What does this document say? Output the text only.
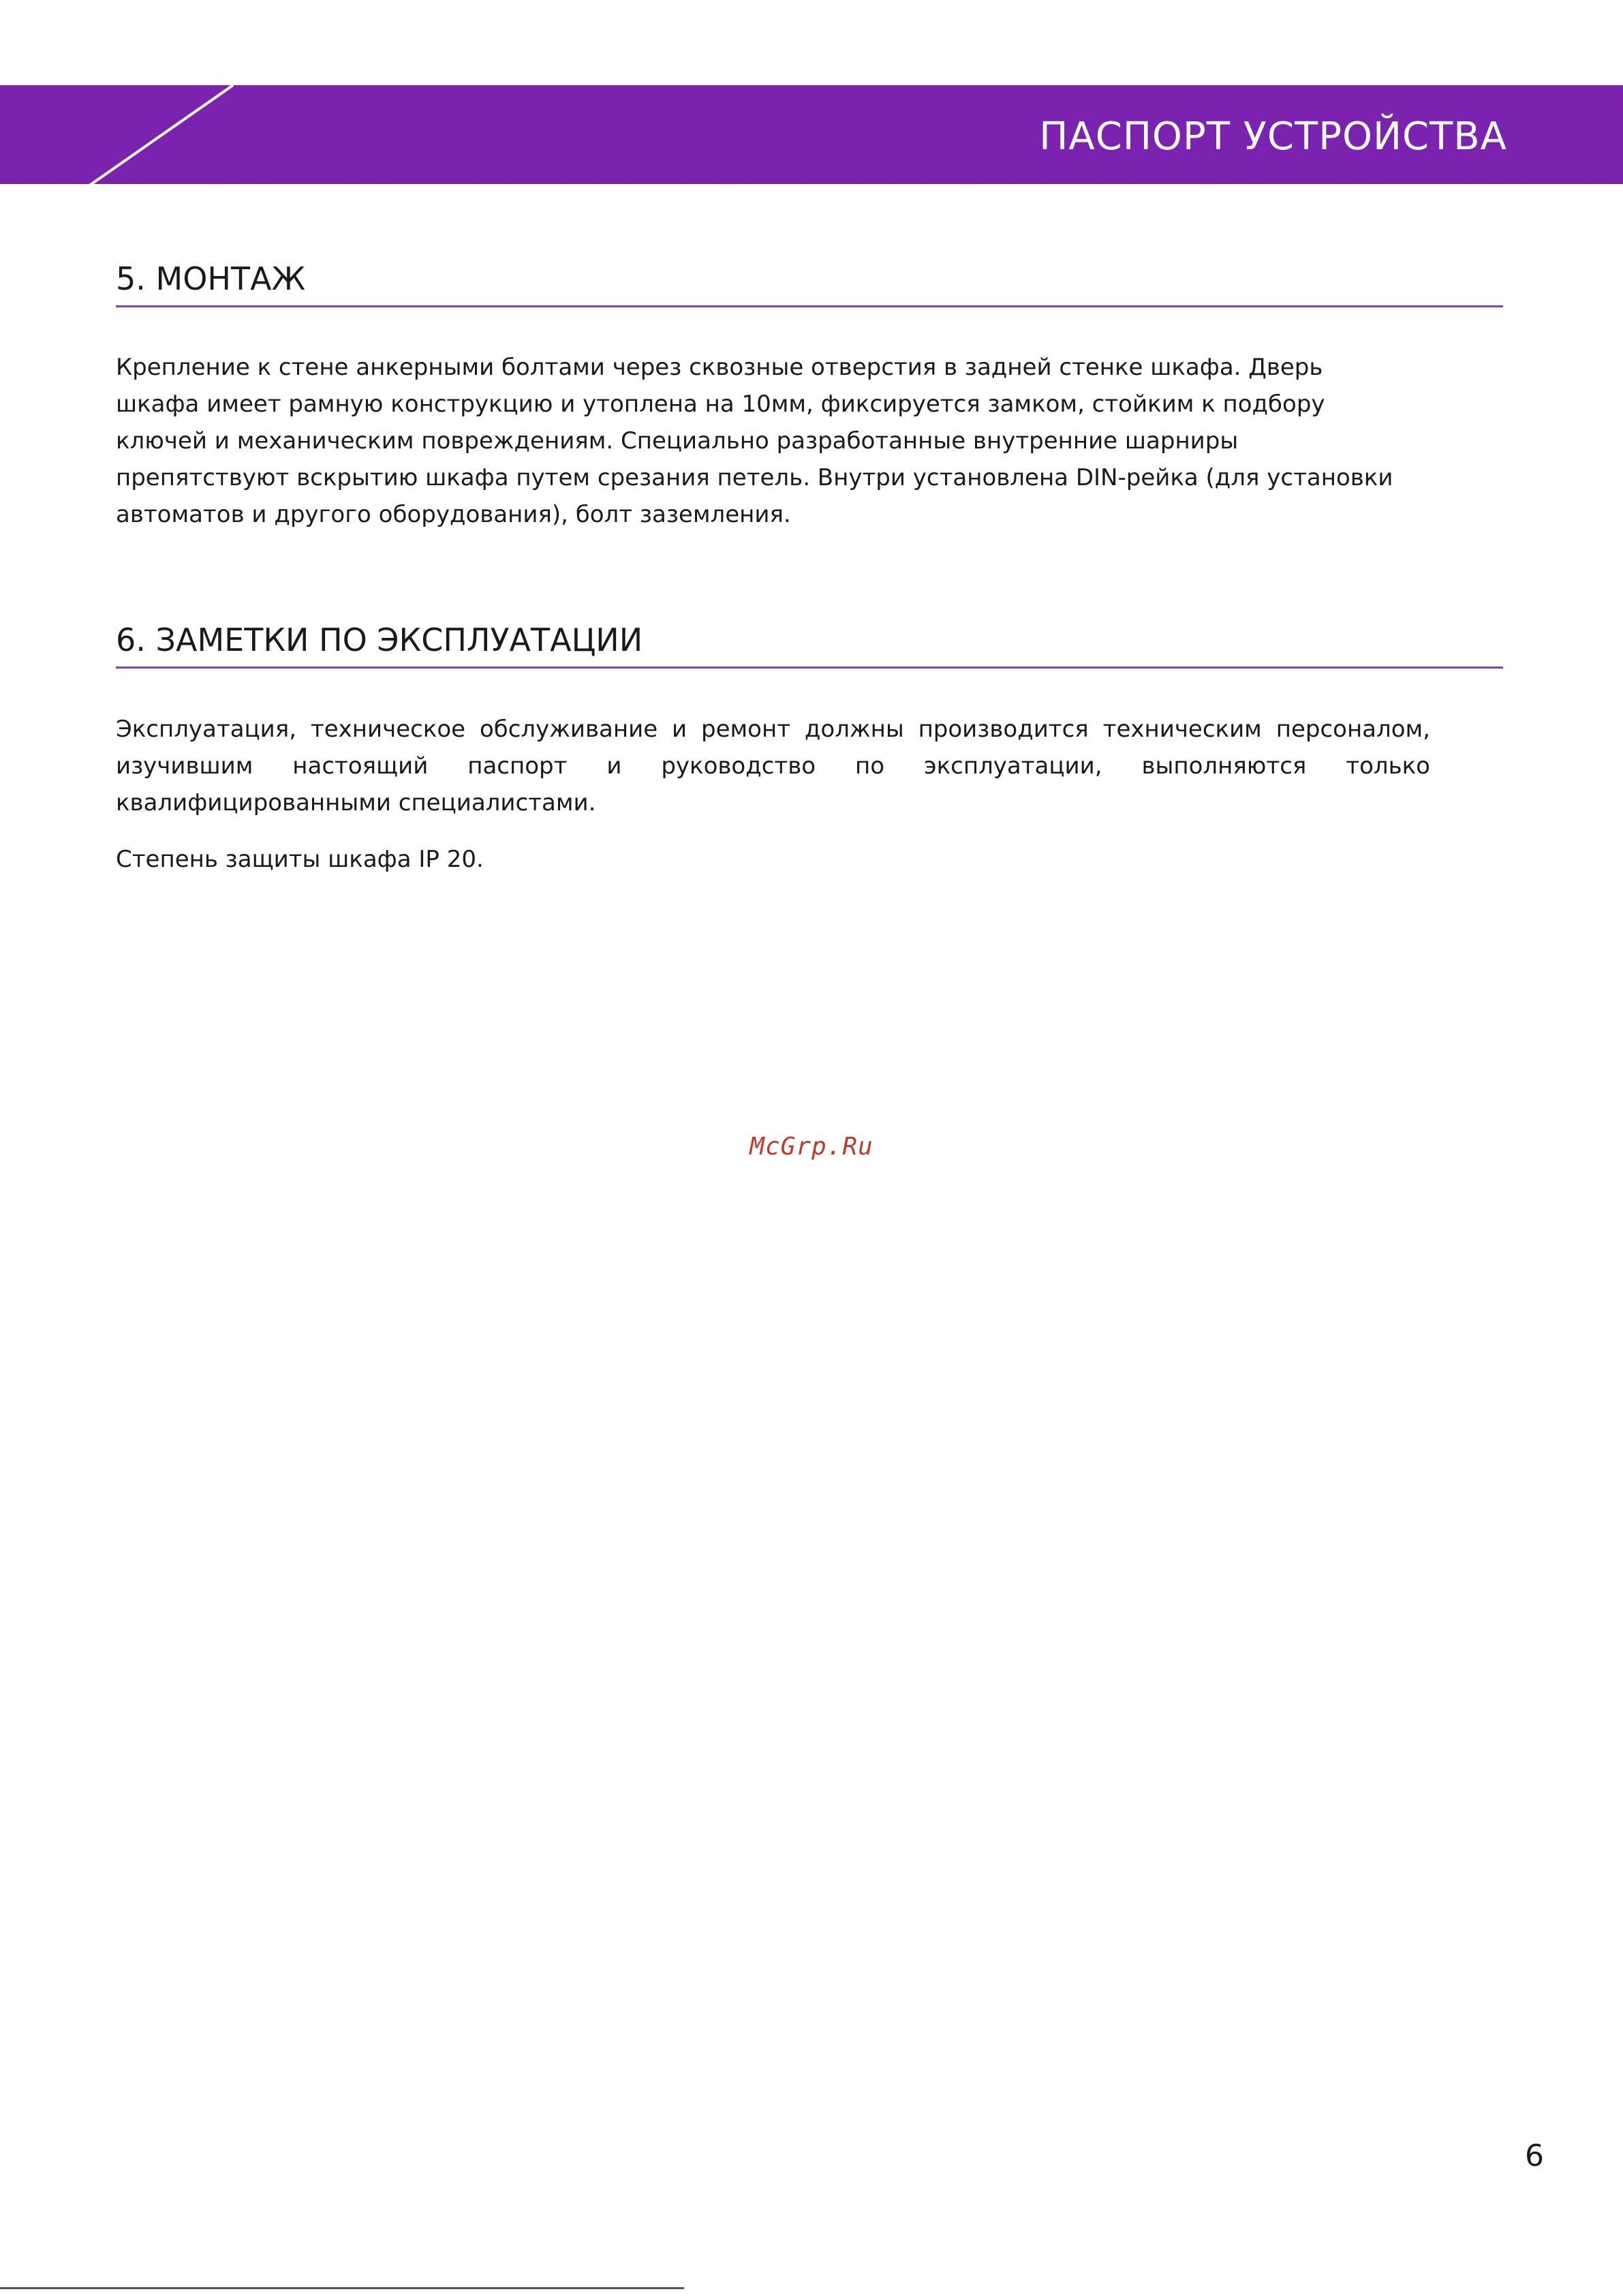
ПАСПОРТ УСТРОЙСТВА
5. МОНТАЖ
Крепление к стене анкерными болтами через сквозные отверстия в задней стенке шкафа. Дверь шкафа имеет рамную конструкцию и утоплена на 10мм, фиксируется замком, стойким к подбору ключей и механическим повреждениям. Специально разработанные внутренние шарниры препятствуют вскрытию шкафа путем срезания петель. Внутри установлена DIN-рейка (для установки автоматов и другого оборудования), болт заземления.
6. ЗАМЕТКИ ПО ЭКСПЛУАТАЦИИ
Эксплуатация, техническое обслуживание и ремонт должны производится техническим персоналом, изучившим настоящий паспорт и руководство по эксплуатации, выполняются только квалифицированными специалистами.
Степень защиты шкафа IP 20.
McGrp.Ru
6
